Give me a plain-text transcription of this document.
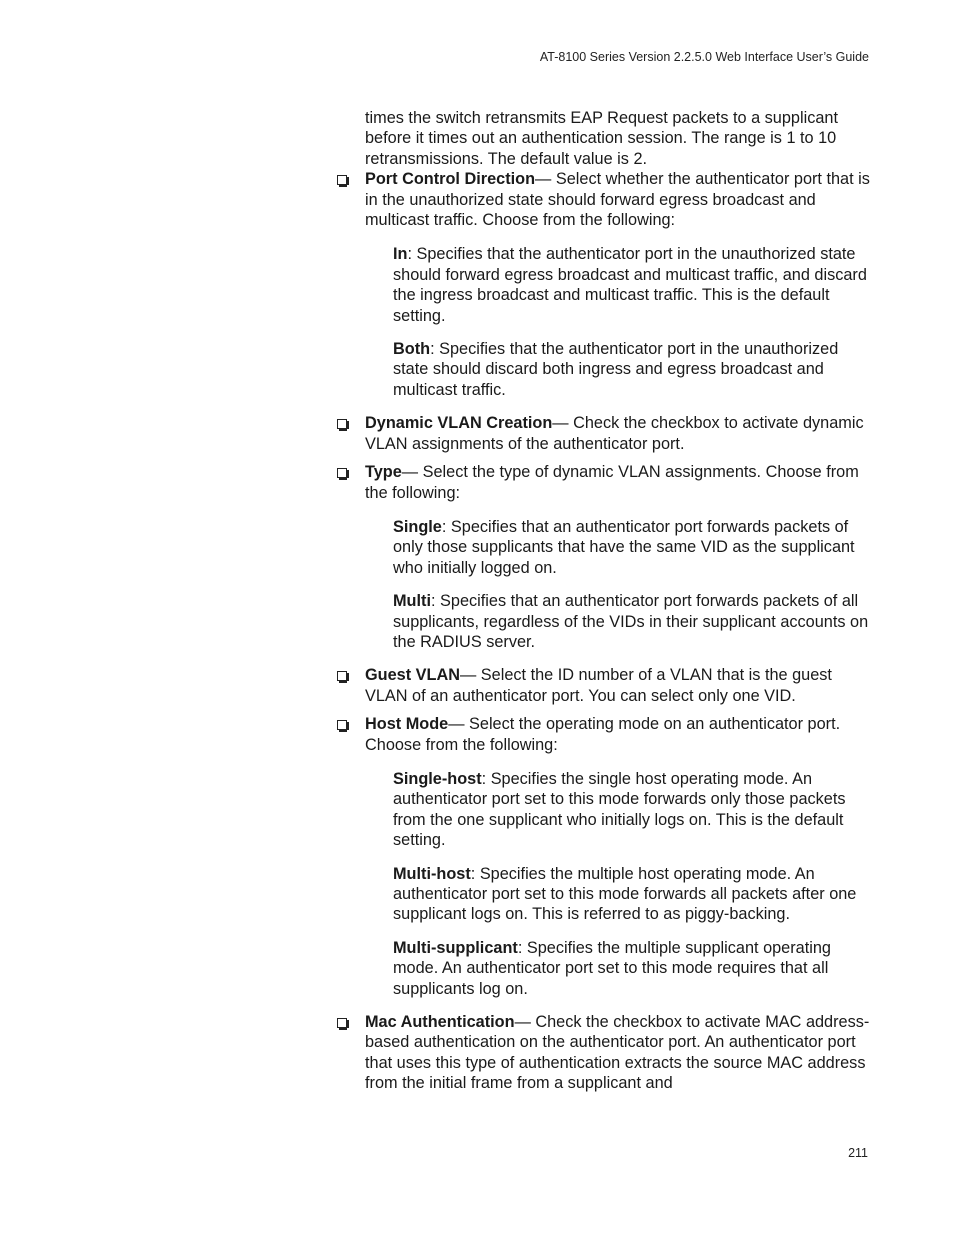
AT-8100 Series Version 2.2.5.0 Web Interface User’s Guide

times the switch retransmits EAP Request packets to a supplicant before it times out an authentication session. The range is 1 to 10 retransmissions. The default value is 2.

Port Control Direction— Select whether the authenticator port that is in the unauthorized state should forward egress broadcast and multicast traffic. Choose from the following:

In: Specifies that the authenticator port in the unauthorized state should forward egress broadcast and multicast traffic, and discard the ingress broadcast and multicast traffic. This is the default setting.

Both: Specifies that the authenticator port in the unauthorized state should discard both ingress and egress broadcast and multicast traffic.

Dynamic VLAN Creation— Check the checkbox to activate dynamic VLAN assignments of the authenticator port.

Type— Select the type of dynamic VLAN assignments. Choose from the following:

Single: Specifies that an authenticator port forwards packets of only those supplicants that have the same VID as the supplicant who initially logged on.

Multi: Specifies that an authenticator port forwards packets of all supplicants, regardless of the VIDs in their supplicant accounts on the RADIUS server.

Guest VLAN— Select the ID number of a VLAN that is the guest VLAN of an authenticator port. You can select only one VID.

Host Mode— Select the operating mode on an authenticator port. Choose from the following:

Single-host: Specifies the single host operating mode. An authenticator port set to this mode forwards only those packets from the one supplicant who initially logs on. This is the default setting.

Multi-host: Specifies the multiple host operating mode. An authenticator port set to this mode forwards all packets after one supplicant logs on. This is referred to as piggy-backing.

Multi-supplicant: Specifies the multiple supplicant operating mode. An authenticator port set to this mode requires that all supplicants log on.

Mac Authentication— Check the checkbox to activate MAC address-based authentication on the authenticator port. An authenticator port that uses this type of authentication extracts the source MAC address from the initial frame from a supplicant and

211
